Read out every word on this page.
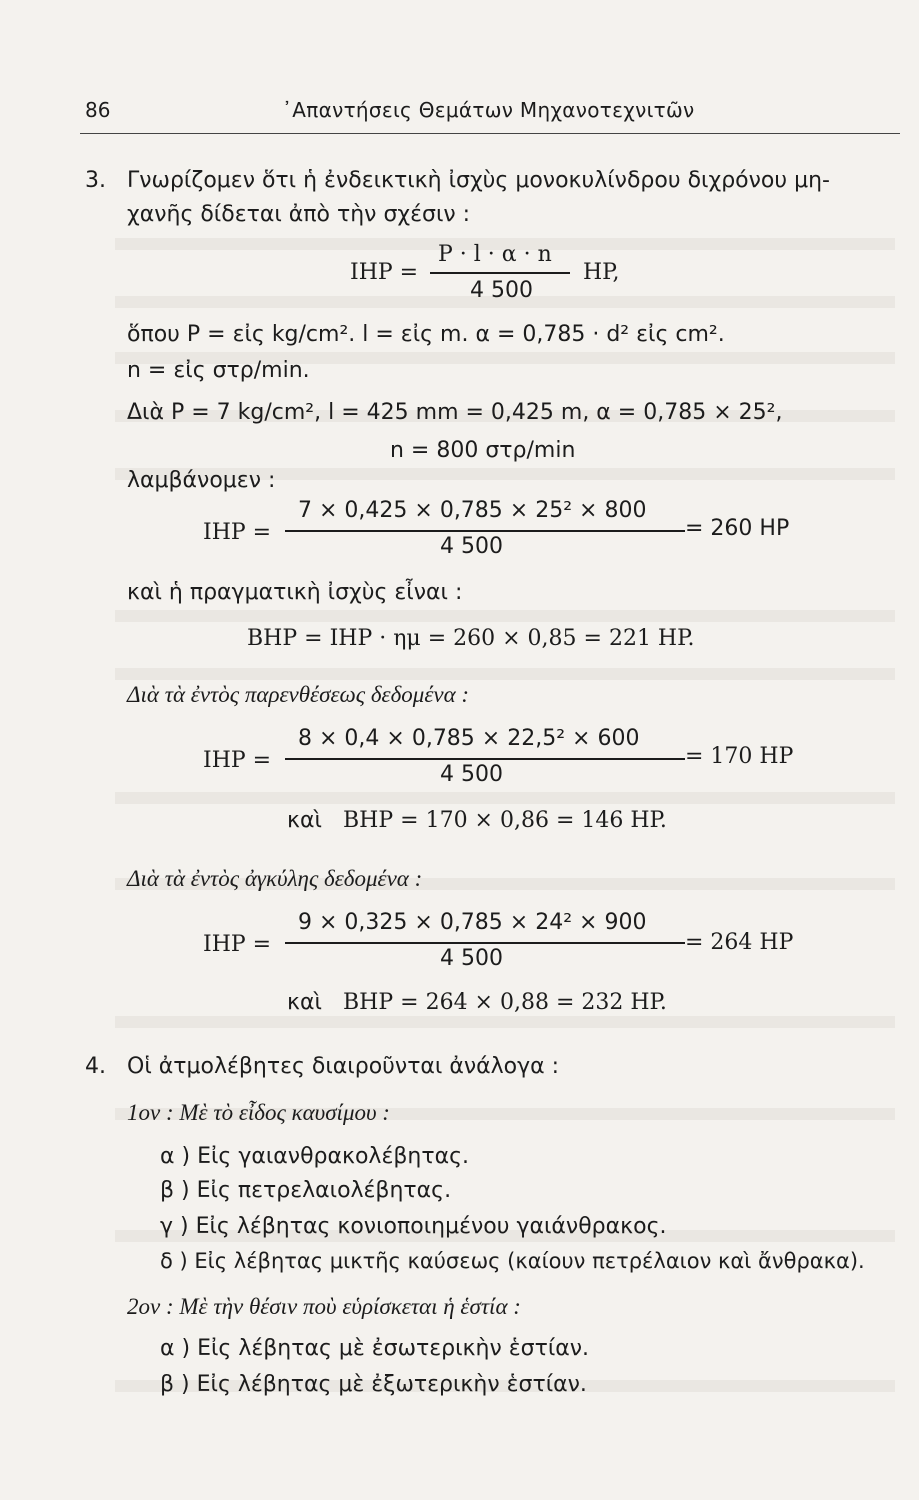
86	᾿Απαντήσεις Θεμάτων Μηχανοτεχνιτῶν
3. Γνωρίζομεν ὅτι ἡ ἐνδεικτικὴ ἰσχὺς μονοκυλίνδρου διχρόνου μη-
χανῆς δίδεται ἀπὸ τὴν σχέσιν :
IHP =
P · l · α · n
4 500
HP,
ὅπου P = εἰς kg/cm². l = εἰς m. α = 0,785 · d² εἰς cm².
n = εἰς στρ/min.
Διὰ P = 7 kg/cm², l = 425 mm = 0,425 m, α = 0,785 × 25²,
n = 800 στρ/min
λαμβάνομεν :
IHP =
7 × 0,425 × 0,785 × 25² × 800
4 500
= 260 HP
καὶ ἡ πραγματικὴ ἰσχὺς εἶναι :
BHP = IHP · ημ = 260 × 0,85 = 221 HP.
Διὰ τὰ ἐντὸς παρενθέσεως δεδομένα :
IHP =
8 × 0,4 × 0,785 × 22,5² × 600
4 500
= 170 HP
καὶ BHP = 170 × 0,86 = 146 HP.
Διὰ τὰ ἐντὸς ἀγκύλης δεδομένα :
IHP =
9 × 0,325 × 0,785 × 24² × 900
4 500
= 264 HP
καὶ BHP = 264 × 0,88 = 232 HP.
4. Οἱ ἀτμολέβητες διαιροῦνται ἀνάλογα :
1ον : Μὲ τὸ εἶδος καυσίμου :
α ) Εἰς γαιανθρακολέβητας.
β ) Εἰς πετρελαιολέβητας.
γ ) Εἰς λέβητας κονιοποιημένου γαιάνθρακος.
δ ) Εἰς λέβητας μικτῆς καύσεως (καίουν πετρέλαιον καὶ ἄνθρακα).
2ον : Μὲ τὴν θέσιν ποὺ εὑρίσκεται ἡ ἑστία :
α ) Εἰς λέβητας μὲ ἐσωτερικὴν ἑστίαν.
β ) Εἰς λέβητας μὲ ἐξωτερικὴν ἑστίαν.
